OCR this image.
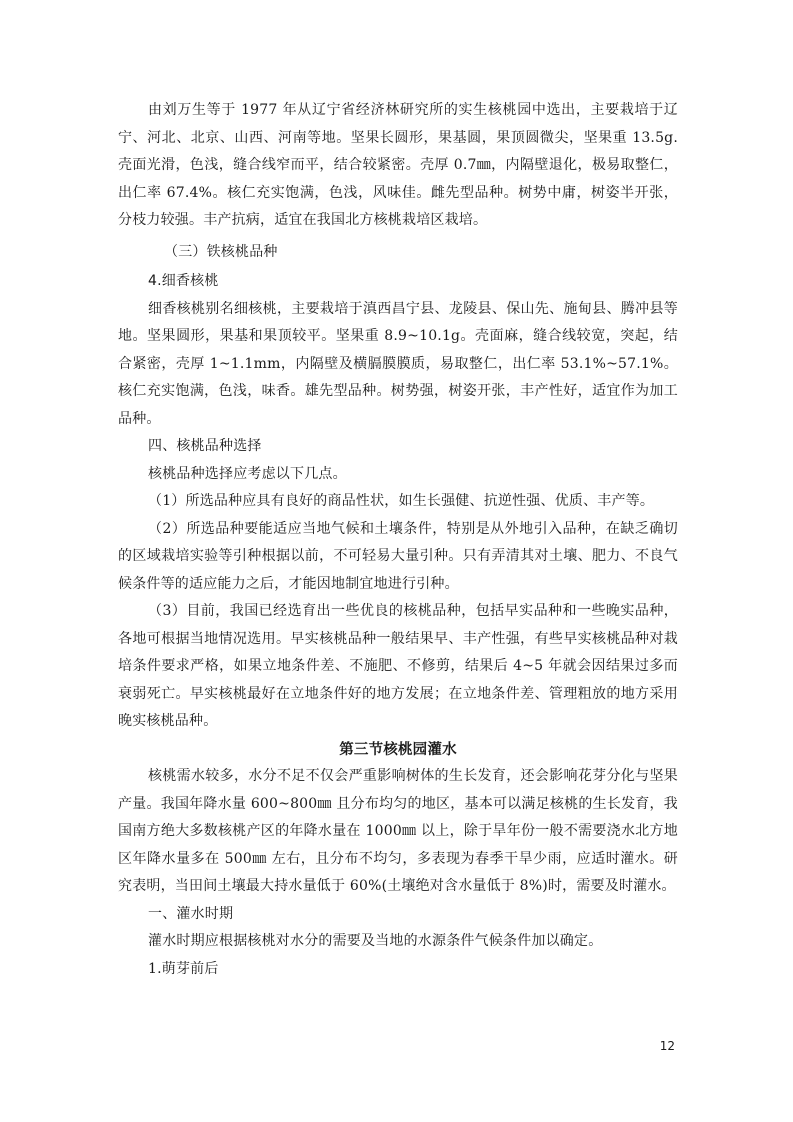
由刘万生等于 1977 年从辽宁省经济林研究所的实生核桃园中选出，主要栽培于辽宁、河北、北京、山西、河南等地。坚果长圆形，果基圆，果顶圆微尖，坚果重 13.5g.壳面光滑，色浅，缝合线窄而平，结合较紧密。壳厚 0.7㎜，内隔壁退化，极易取整仁，出仁率 67.4%。核仁充实饱满，色浅，风味佳。雌先型品种。树势中庸，树姿半开张，分枝力较强。丰产抗病，适宜在我国北方核桃栽培区栽培。

（三）铁核桃品种

4.细香核桃

细香核桃别名细核桃，主要栽培于滇西昌宁县、龙陵县、保山先、施甸县、腾冲县等地。坚果圆形，果基和果顶较平。坚果重 8.9~10.1g。壳面麻，缝合线较宽，突起，结合紧密，壳厚 1~1.1mm，内隔壁及横膈膜膜质，易取整仁，出仁率 53.1%~57.1%。核仁充实饱满，色浅，味香。雄先型品种。树势强，树姿开张，丰产性好，适宜作为加工品种。

四、核桃品种选择

核桃品种选择应考虑以下几点。

（1）所选品种应具有良好的商品性状，如生长强健、抗逆性强、优质、丰产等。

（2）所选品种要能适应当地气候和土壤条件，特别是从外地引入品种，在缺乏确切的区域栽培实验等引种根据以前，不可轻易大量引种。只有弄清其对土壤、肥力、不良气候条件等的适应能力之后，才能因地制宜地进行引种。

（3）目前，我国已经选育出一些优良的核桃品种，包括早实品种和一些晚实品种，各地可根据当地情况选用。早实核桃品种一般结果早、丰产性强，有些早实核桃品种对栽培条件要求严格，如果立地条件差、不施肥、不修剪，结果后 4~5 年就会因结果过多而衰弱死亡。早实核桃最好在立地条件好的地方发展；在立地条件差、管理粗放的地方采用晚实核桃品种。

第三节核桃园灌水

核桃需水较多，水分不足不仅会严重影响树体的生长发育，还会影响花芽分化与坚果产量。我国年降水量 600~800㎜ 且分布均匀的地区，基本可以满足核桃的生长发育，我国南方绝大多数核桃产区的年降水量在 1000㎜ 以上，除于旱年份一般不需要浇水北方地区年降水量多在 500㎜ 左右，且分布不均匀，多表现为春季干旱少雨，应适时灌水。研究表明，当田间土壤最大持水量低于 60%(土壤绝对含水量低于 8%)时，需要及时灌水。

一、灌水时期

灌水时期应根据核桃对水分的需要及当地的水源条件气候条件加以确定。

1.萌芽前后

12
